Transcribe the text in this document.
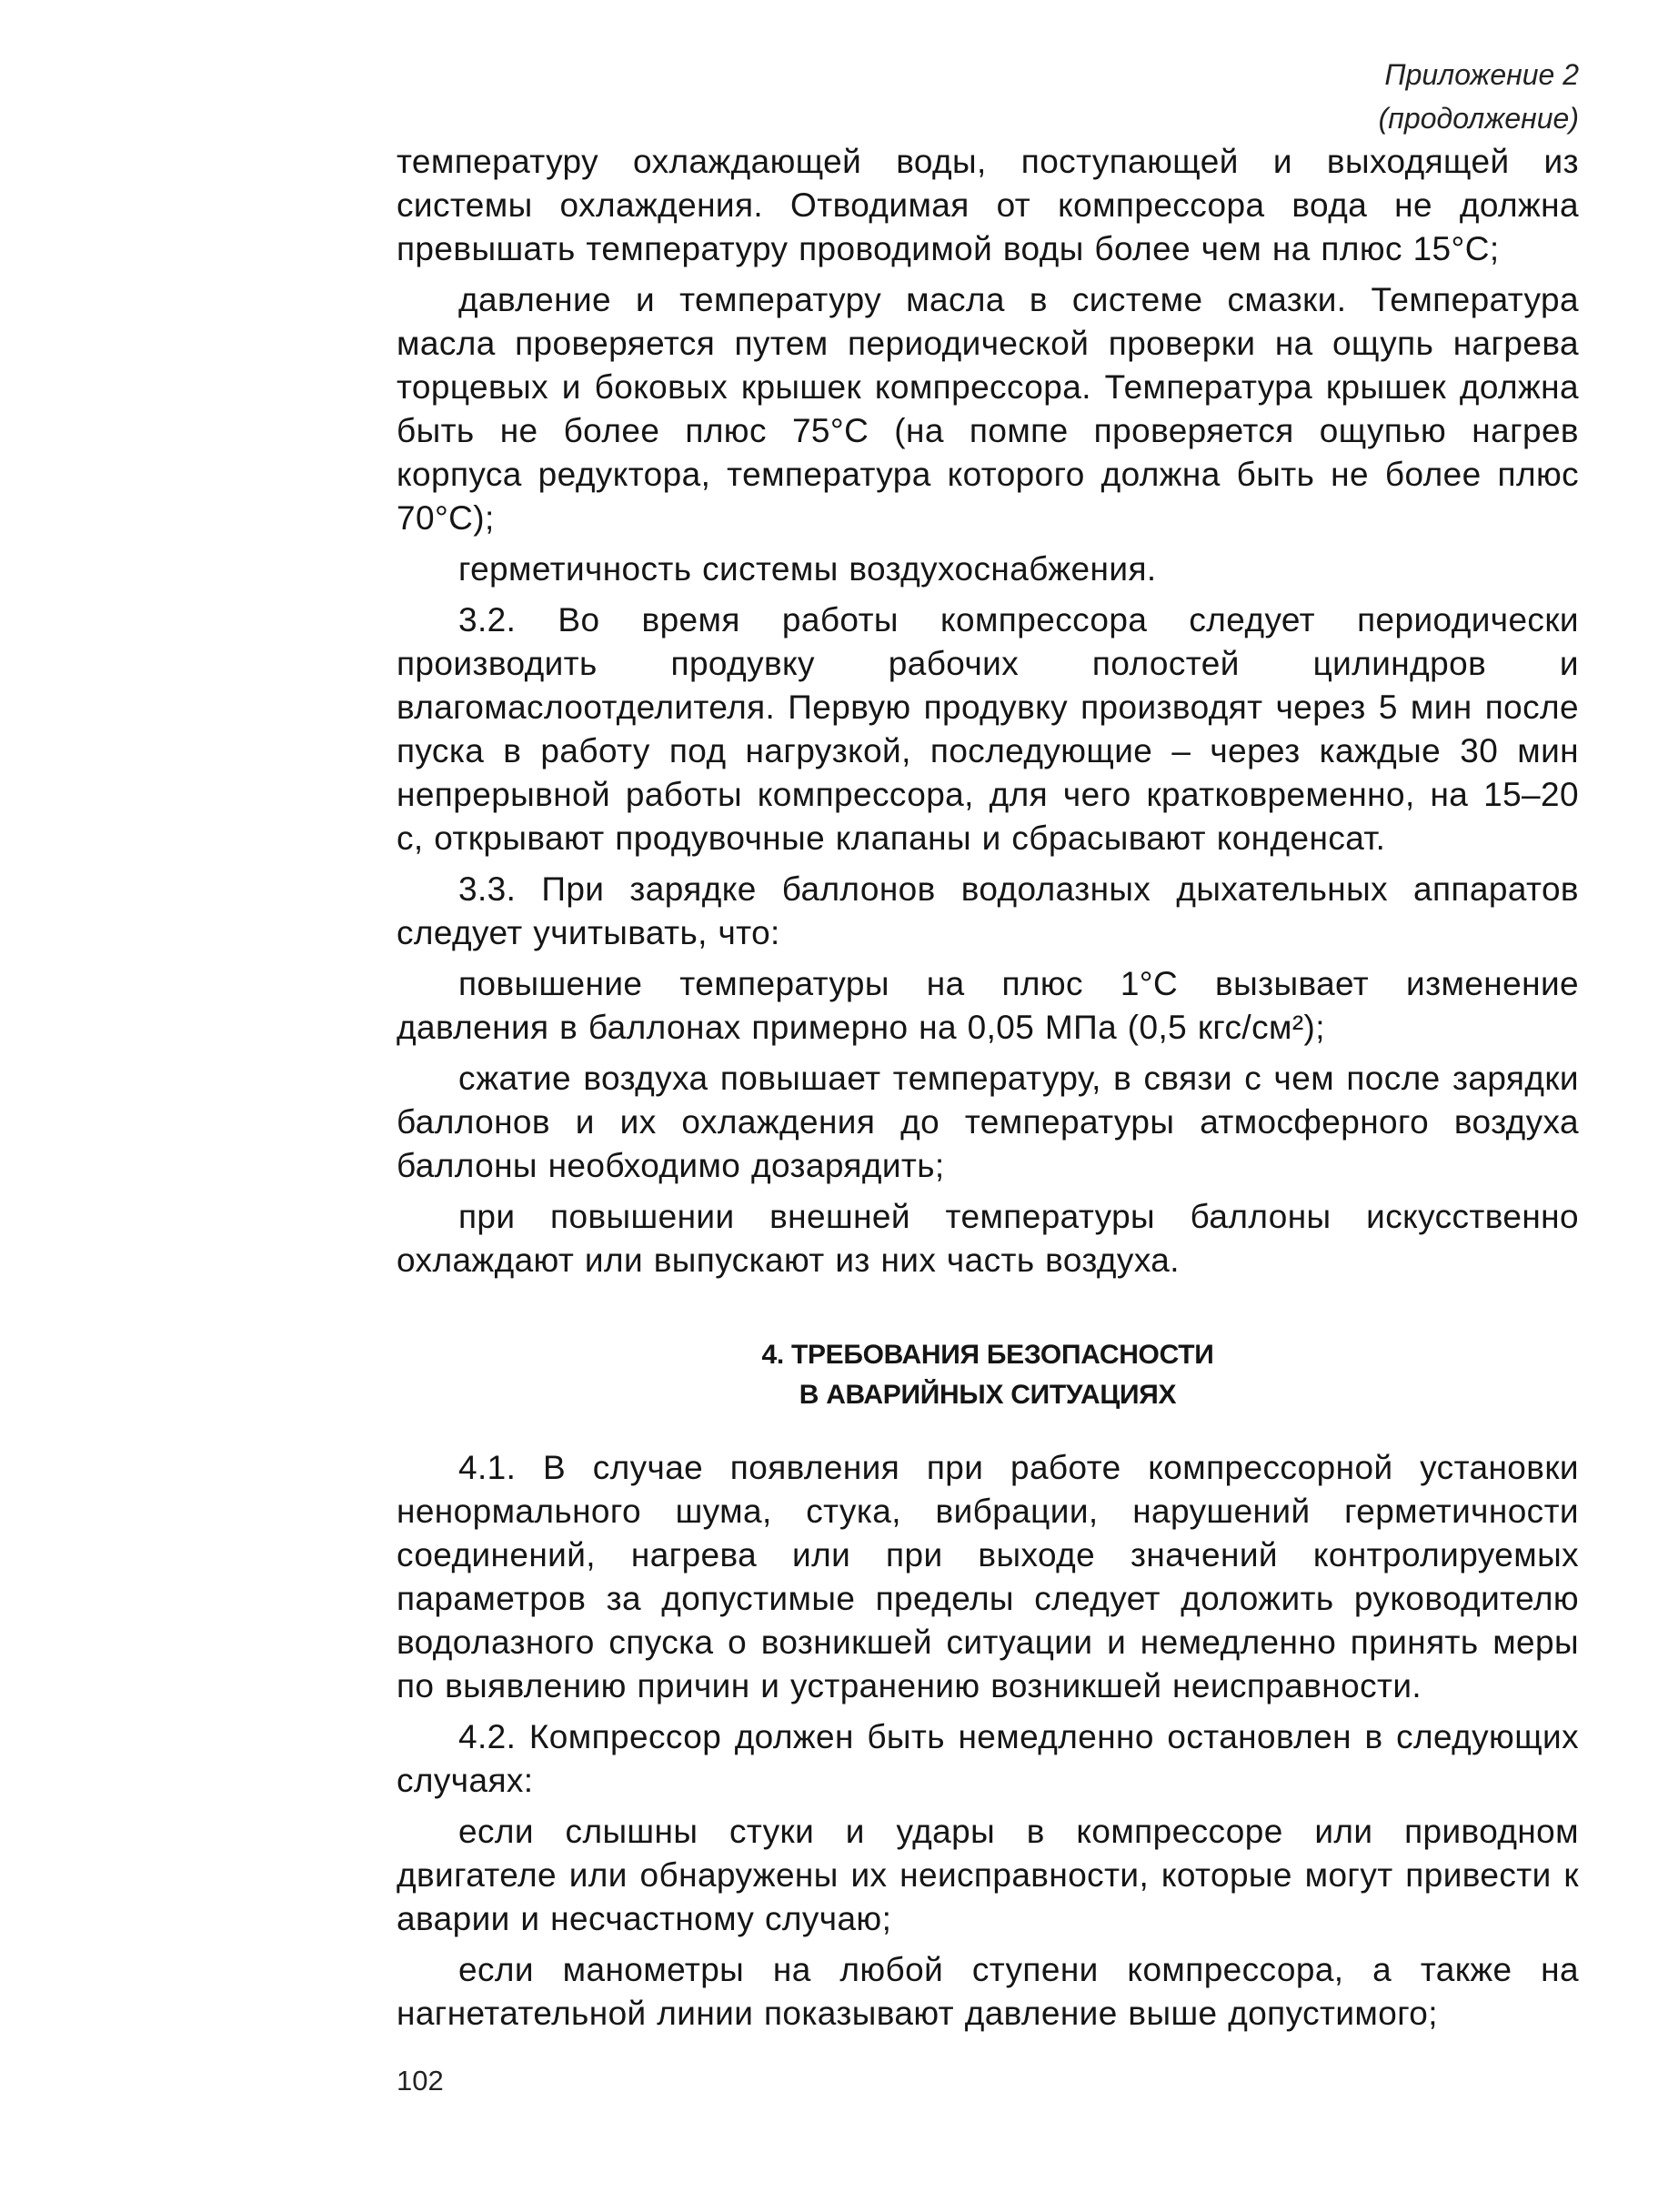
Приложение 2
(продолжение)

температуру охлаждающей воды, поступающей и выходящей из системы охлаждения. Отводимая от компрессора вода не должна превышать температуру проводимой воды более чем на плюс 15°С;

давление и температуру масла в системе смазки. Температура масла проверяется путем периодической проверки на ощупь нагрева торцевых и боковых крышек компрессора. Температура крышек должна быть не более плюс 75°С (на помпе проверяется ощупью нагрев корпуса редуктора, температура которого должна быть не более плюс 70°С);

герметичность системы воздухоснабжения.

3.2. Во время работы компрессора следует периодически производить продувку рабочих полостей цилиндров и влагомаслоотделителя. Первую продувку производят через 5 мин после пуска в работу под нагрузкой, последующие – через каждые 30 мин непрерывной работы компрессора, для чего кратковременно, на 15–20 с, открывают продувочные клапаны и сбрасывают конденсат.

3.3. При зарядке баллонов водолазных дыхательных аппаратов следует учитывать, что:

повышение температуры на плюс 1°С вызывает изменение давления в баллонах примерно на 0,05 МПа (0,5 кгс/см²);

сжатие воздуха повышает температуру, в связи с чем после зарядки баллонов и их охлаждения до температуры атмосферного воздуха баллоны необходимо дозарядить;

при повышении внешней температуры баллоны искусственно охлаждают или выпускают из них часть воздуха.

4. ТРЕБОВАНИЯ БЕЗОПАСНОСТИ
В АВАРИЙНЫХ СИТУАЦИЯХ

4.1. В случае появления при работе компрессорной установки ненормального шума, стука, вибрации, нарушений герметичности соединений, нагрева или при выходе значений контролируемых параметров за допустимые пределы следует доложить руководителю водолазного спуска о возникшей ситуации и немедленно принять меры по выявлению причин и устранению возникшей неисправности.

4.2. Компрессор должен быть немедленно остановлен в следующих случаях:

если слышны стуки и удары в компрессоре или приводном двигателе или обнаружены их неисправности, которые могут привести к аварии и несчастному случаю;

если манометры на любой ступени компрессора, а также на нагнетательной линии показывают давление выше допустимого;

102
